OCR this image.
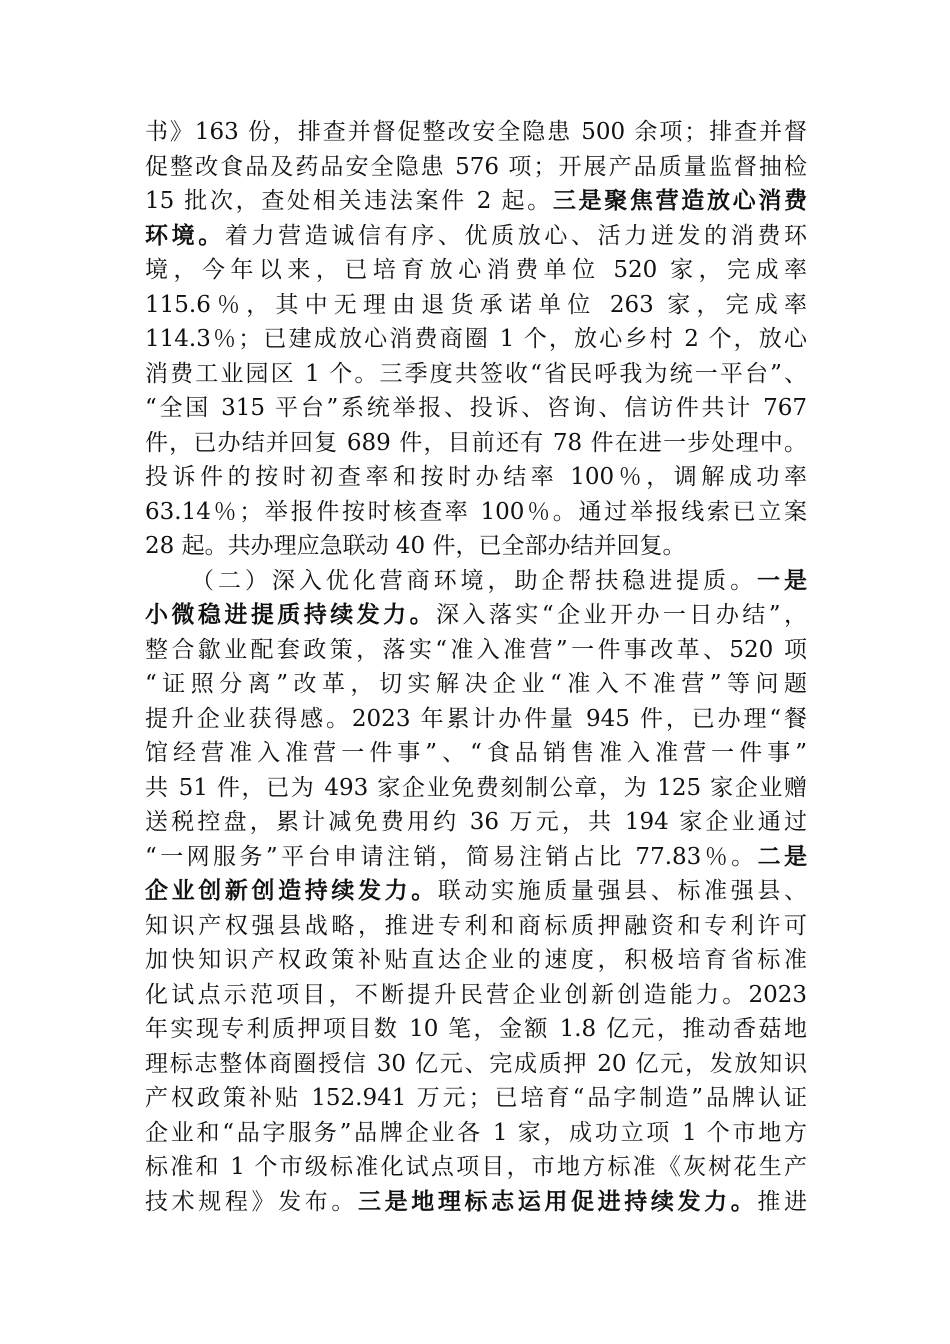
书》163 份，排查并督促整改安全隐患 500 余项；排查并督
促整改食品及药品安全隐患 576 项；开展产品质量监督抽检
15 批次，查处相关违法案件 2 起。三是聚焦营造放心消费
环境。着力营造诚信有序、优质放心、活力迸发的消费环
境，今年以来，已培育放心消费单位 520 家，完成率
115.6％，其中无理由退货承诺单位 263 家，完成率
114.3％；已建成放心消费商圈 1 个，放心乡村 2 个，放心
消费工业园区 1 个。三季度共签收“省民呼我为统一平台”、
“全国 315 平台”系统举报、投诉、咨询、信访件共计 767
件，已办结并回复 689 件，目前还有 78 件在进一步处理中。
投诉件的按时初查率和按时办结率 100％，调解成功率
63.14％；举报件按时核查率 100％。通过举报线索已立案
28 起。共办理应急联动 40 件，已全部办结并回复。
（二）深入优化营商环境，助企帮扶稳进提质。一是
小微稳进提质持续发力。深入落实“企业开办一日办结”，
整合歙业配套政策，落实“准入准营”一件事改革、520 项
“证照分离”改革，切实解决企业“准入不准营”等问题
提升企业获得感。2023 年累计办件量 945 件，已办理“餐
馆经营准入准营一件事”、“食品销售准入准营一件事”
共 51 件，已为 493 家企业免费刻制公章，为 125 家企业赠
送税控盘，累计减免费用约 36 万元，共 194 家企业通过
“一网服务”平台申请注销，简易注销占比 77.83％。二是
企业创新创造持续发力。联动实施质量强县、标准强县、
知识产权强县战略，推进专利和商标质押融资和专利许可
加快知识产权政策补贴直达企业的速度，积极培育省标准
化试点示范项目，不断提升民营企业创新创造能力。2023
年实现专利质押项目数 10 笔，金额 1.8 亿元，推动香菇地
理标志整体商圈授信 30 亿元、完成质押 20 亿元，发放知识
产权政策补贴 152.941 万元；已培育“品字制造”品牌认证
企业和“品字服务”品牌企业各 1 家，成功立项 1 个市地方
标准和 1 个市级标准化试点项目，市地方标准《灰树花生产
技术规程》发布。三是地理标志运用促进持续发力。推进
